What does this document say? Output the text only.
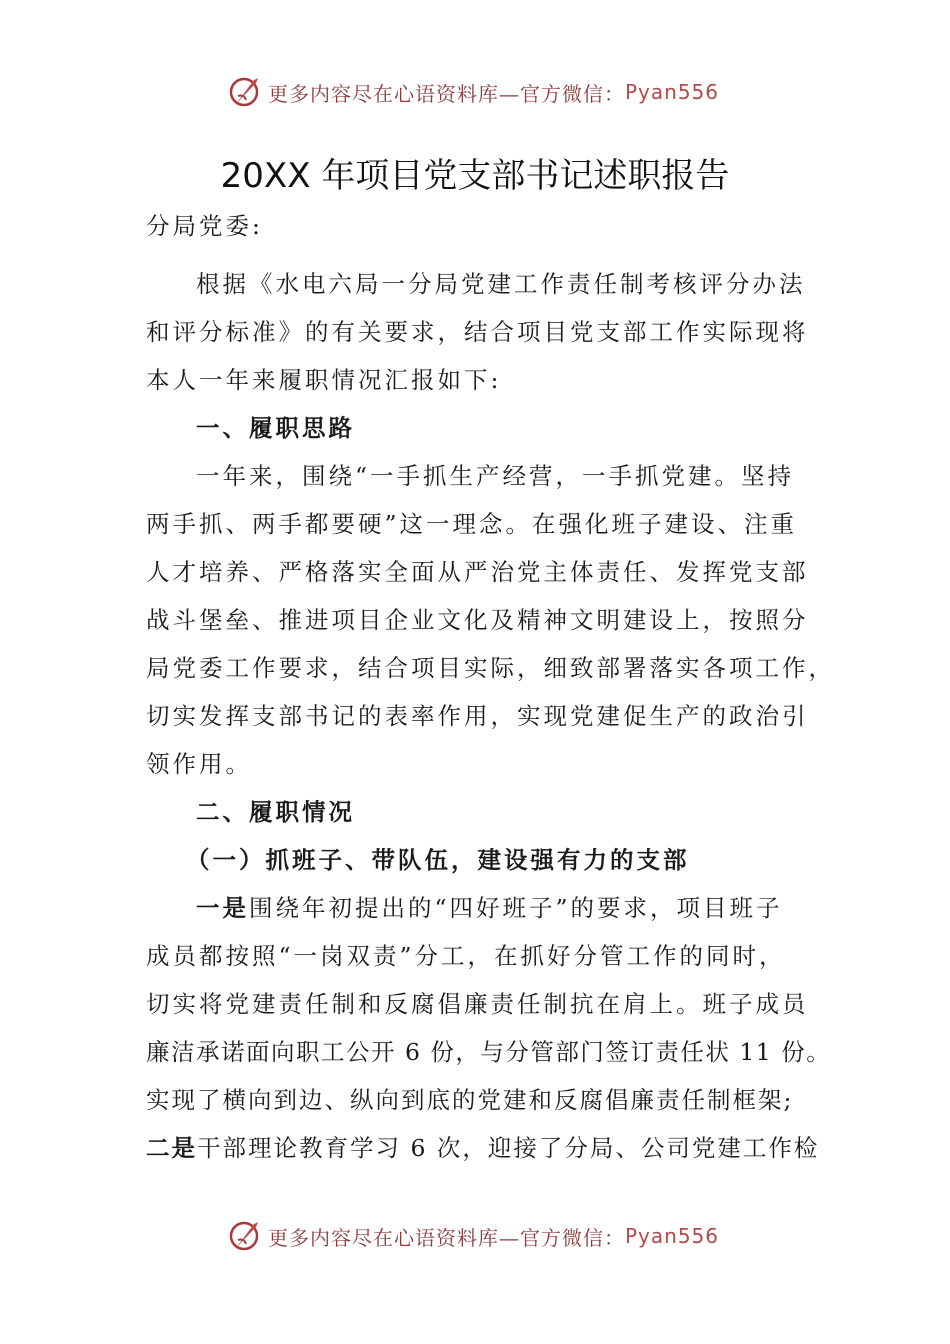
更多内容尽在心语资料库—官方微信： Pyan556
20XX 年项目党支部书记述职报告
分局党委:
根据《水电六局一分局党建工作责任制考核评分办法
和评分标准》的有关要求，结合项目党支部工作实际现将
本人一年来履职情况汇报如下:
一、履职思路
一年来，围绕“一手抓生产经营，一手抓党建。坚持
两手抓、两手都要硬”这一理念。在强化班子建设、注重
人才培养、严格落实全面从严治党主体责任、发挥党支部
战斗堡垒、推进项目企业文化及精神文明建设上，按照分
局党委工作要求，结合项目实际，细致部署落实各项工作，
切实发挥支部书记的表率作用，实现党建促生产的政治引
领作用。
二、履职情况
（一）抓班子、带队伍，建设强有力的支部
一是围绕年初提出的“四好班子”的要求，项目班子
成员都按照“一岗双责”分工，在抓好分管工作的同时，
切实将党建责任制和反腐倡廉责任制抗在肩上。班子成员
廉洁承诺面向职工公开 6 份，与分管部门签订责任状 11 份。
实现了横向到边、纵向到底的党建和反腐倡廉责任制框架;
二是干部理论教育学习 6 次，迎接了分局、公司党建工作检
更多内容尽在心语资料库—官方微信： Pyan556
